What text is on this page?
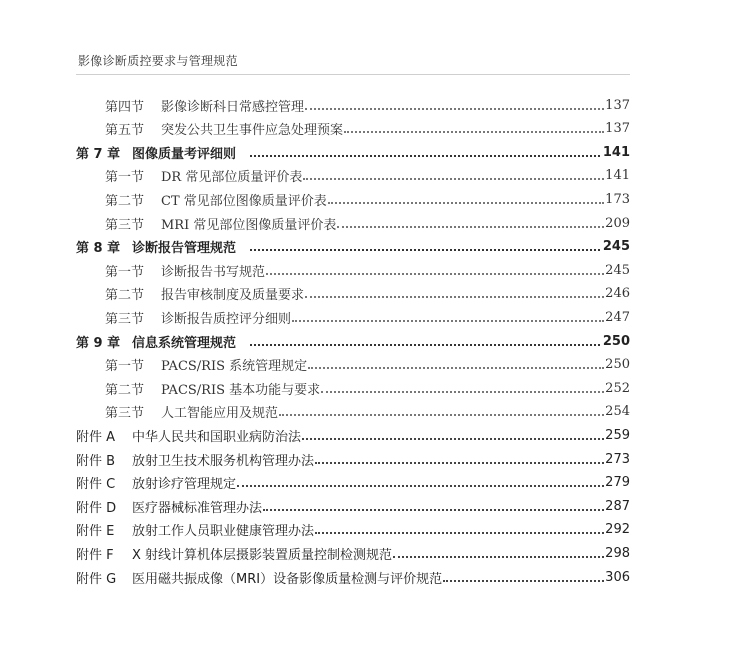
影像诊断质控要求与管理规范
第四节	影像诊断科日常感控管理	137
第五节	突发公共卫生事件应急处理预案	137
第 7 章 图像质量考评细则	141
第一节	DR 常见部位质量评价表	141
第二节	CT 常见部位图像质量评价表	173
第三节	MRI 常见部位图像质量评价表	209
第 8 章 诊断报告管理规范	245
第一节	诊断报告书写规范	245
第二节	报告审核制度及质量要求	246
第三节	诊断报告质控评分细则	247
第 9 章 信息系统管理规范	250
第一节	PACS/RIS 系统管理规定	250
第二节	PACS/RIS 基本功能与要求	252
第三节	人工智能应用及规范	254
附件 A	中华人民共和国职业病防治法	259
附件 B	放射卫生技术服务机构管理办法	273
附件 C	放射诊疗管理规定	279
附件 D	医疗器械标准管理办法	287
附件 E	放射工作人员职业健康管理办法	292
附件 F	X 射线计算机体层摄影装置质量控制检测规范	298
附件 G	医用磁共振成像（MRI）设备影像质量检测与评价规范	306
